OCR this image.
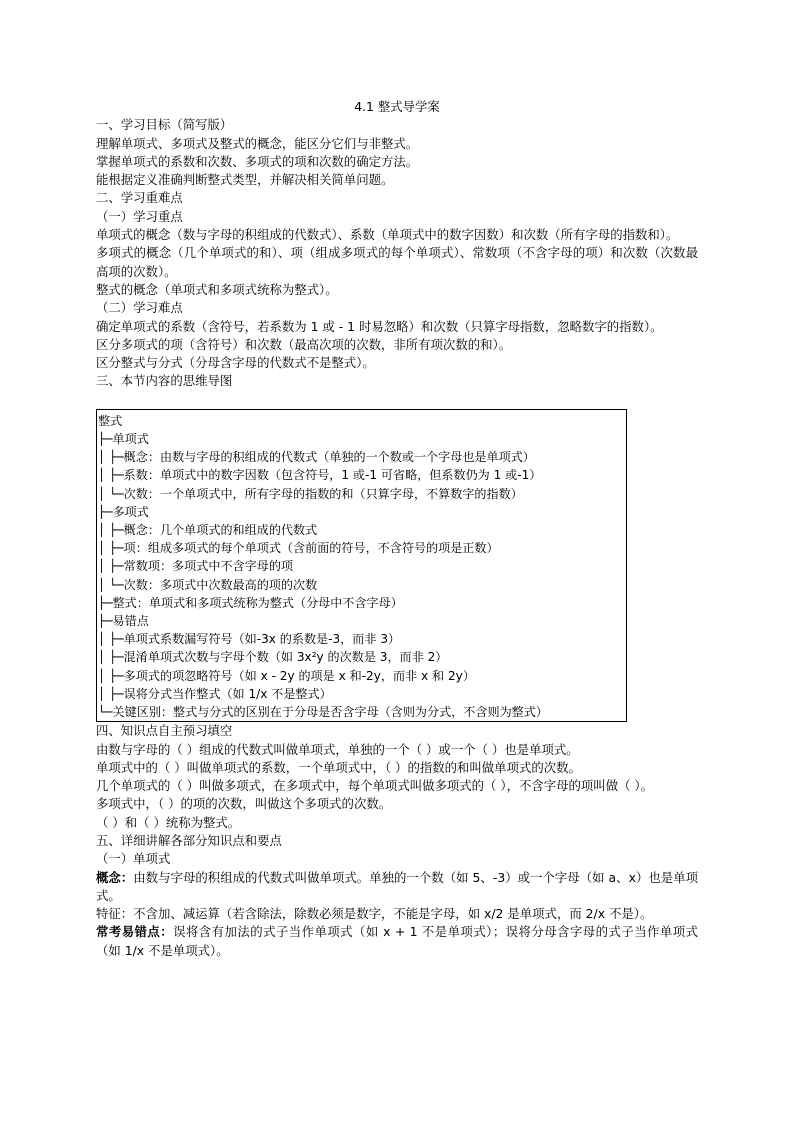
4.1 整式导学案
一、学习目标（简写版）
理解单项式、多项式及整式的概念，能区分它们与非整式。
掌握单项式的系数和次数、多项式的项和次数的确定方法。
能根据定义准确判断整式类型，并解决相关简单问题。
二、学习重难点
（一）学习重点
单项式的概念（数与字母的积组成的代数式）、系数（单项式中的数字因数）和次数（所有字母的指数和）。
多项式的概念（几个单项式的和）、项（组成多项式的每个单项式）、常数项（不含字母的项）和次数（次数最高项的次数）。
整式的概念（单项式和多项式统称为整式）。
（二）学习难点
确定单项式的系数（含符号，若系数为 1 或 - 1 时易忽略）和次数（只算字母指数，忽略数字的指数）。
区分多项式的项（含符号）和次数（最高次项的次数，非所有项次数的和）。
区分整式与分式（分母含字母的代数式不是整式）。
三、本节内容的思维导图
整式
├─单项式
│ ├─概念：由数与字母的积组成的代数式（单独的一个数或一个字母也是单项式）
│ ├─系数：单项式中的数字因数（包含符号，1 或-1 可省略，但系数仍为 1 或-1）
│ └─次数：一个单项式中，所有字母的指数的和（只算字母，不算数字的指数）
├─多项式
│ ├─概念：几个单项式的和组成的代数式
│ ├─项：组成多项式的每个单项式（含前面的符号，不含符号的项是正数）
│ ├─常数项：多项式中不含字母的项
│ └─次数：多项式中次数最高的项的次数
├─整式：单项式和多项式统称为整式（分母中不含字母）
├─易错点
│ ├─单项式系数漏写符号（如-3x 的系数是-3，而非 3）
│ ├─混淆单项式次数与字母个数（如 3x²y 的次数是 3，而非 2）
│ ├─多项式的项忽略符号（如 x - 2y 的项是 x 和-2y，而非 x 和 2y）
│ ├─误将分式当作整式（如 1/x 不是整式）
└─关键区别：整式与分式的区别在于分母是否含字母（含则为分式，不含则为整式）
四、知识点自主预习填空
由数与字母的（ ）组成的代数式叫做单项式，单独的一个（ ）或一个（ ）也是单项式。
单项式中的（ ）叫做单项式的系数，一个单项式中，（ ）的指数的和叫做单项式的次数。
几个单项式的（ ）叫做多项式，在多项式中，每个单项式叫做多项式的（ ），不含字母的项叫做（ ）。
多项式中，（ ）的项的次数，叫做这个多项式的次数。
（ ）和（ ）统称为整式。
五、详细讲解各部分知识点和要点
（一）单项式
概念：由数与字母的积组成的代数式叫做单项式。单独的一个数（如 5、-3）或一个字母（如 a、x）也是单项式。
特征：不含加、减运算（若含除法，除数必须是数字，不能是字母，如 x/2 是单项式，而 2/x 不是）。
常考易错点：误将含有加法的式子当作单项式（如 x + 1 不是单项式）；误将分母含字母的式子当作单项式（如 1/x 不是单项式）。
